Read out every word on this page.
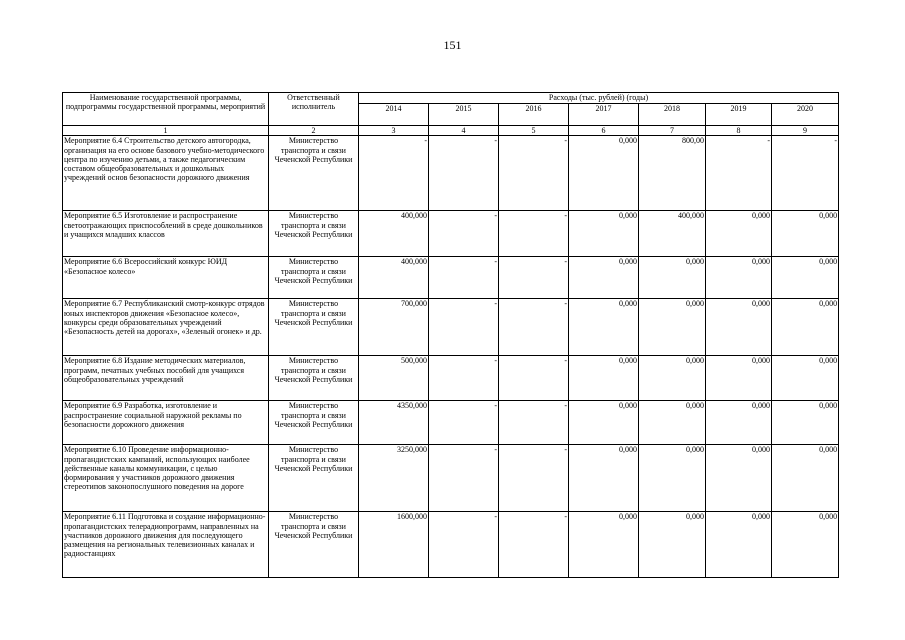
151
Наименование государственной программы, подпрограммы государственной программы, мероприятий	Ответственный исполнитель	Расходы (тыс. рублей) (годы)						
		2014	2015	2016	2017	2018	2019	2020
1	2	3	4	5	6	7	8	9
Мероприятие 6.4 Строительство детского автогородка, организация на его основе базового учебно-методического центра по изучению детьми, а также педагогическим составом общеобразовательных и дошкольных учреждений основ безопасности дорожного движения	Министерство транспорта и связи Чеченской Республики	-	-	-	0,000	800,00	-	-
Мероприятие 6.5 Изготовление и распространение светоотражающих приспособлений в среде дошкольников и учащихся младших классов	Министерство транспорта и связи Чеченской Республики	400,000	-	-	0,000	400,000	0,000	0,000
Мероприятие 6.6 Всероссийский конкурс ЮИД «Безопасное колесо»	Министерство транспорта и связи Чеченской Республики	400,000	-	-	0,000	0,000	0,000	0,000
Мероприятие 6.7 Республиканский смотр-конкурс отрядов юных инспекторов движения «Безопасное колесо», конкурсы среди образовательных учреждений «Безопасность детей на дорогах», «Зеленый огонек» и др.	Министерство транспорта и связи Чеченской Республики	700,000	-	-	0,000	0,000	0,000	0,000
Мероприятие 6.8 Издание методических материалов, программ, печатных учебных пособий для учащихся общеобразовательных учреждений	Министерство транспорта и связи Чеченской Республики	500,000	-	-	0,000	0,000	0,000	0,000
Мероприятие 6.9 Разработка, изготовление и распространение социальной наружной рекламы по безопасности дорожного движения	Министерство транспорта и связи Чеченской Республики	4350,000	-	-	0,000	0,000	0,000	0,000
Мероприятие 6.10 Проведение информационно-пропагандистских кампаний, использующих наиболее действенные каналы коммуникации, с целью формирования у участников дорожного движения стереотипов законопослушного поведения на дороге	Министерство транспорта и связи Чеченской Республики	3250,000	-	-	0,000	0,000	0,000	0,000
Мероприятие 6.11 Подготовка и создание информационно-пропагандистских телерадиопрограмм, направленных на участников дорожного движения для последующего размещения на региональных телевизионных каналах и радиостанциях	Министерство транспорта и связи Чеченской Республики	1600,000	-	-	0,000	0,000	0,000	0,000
